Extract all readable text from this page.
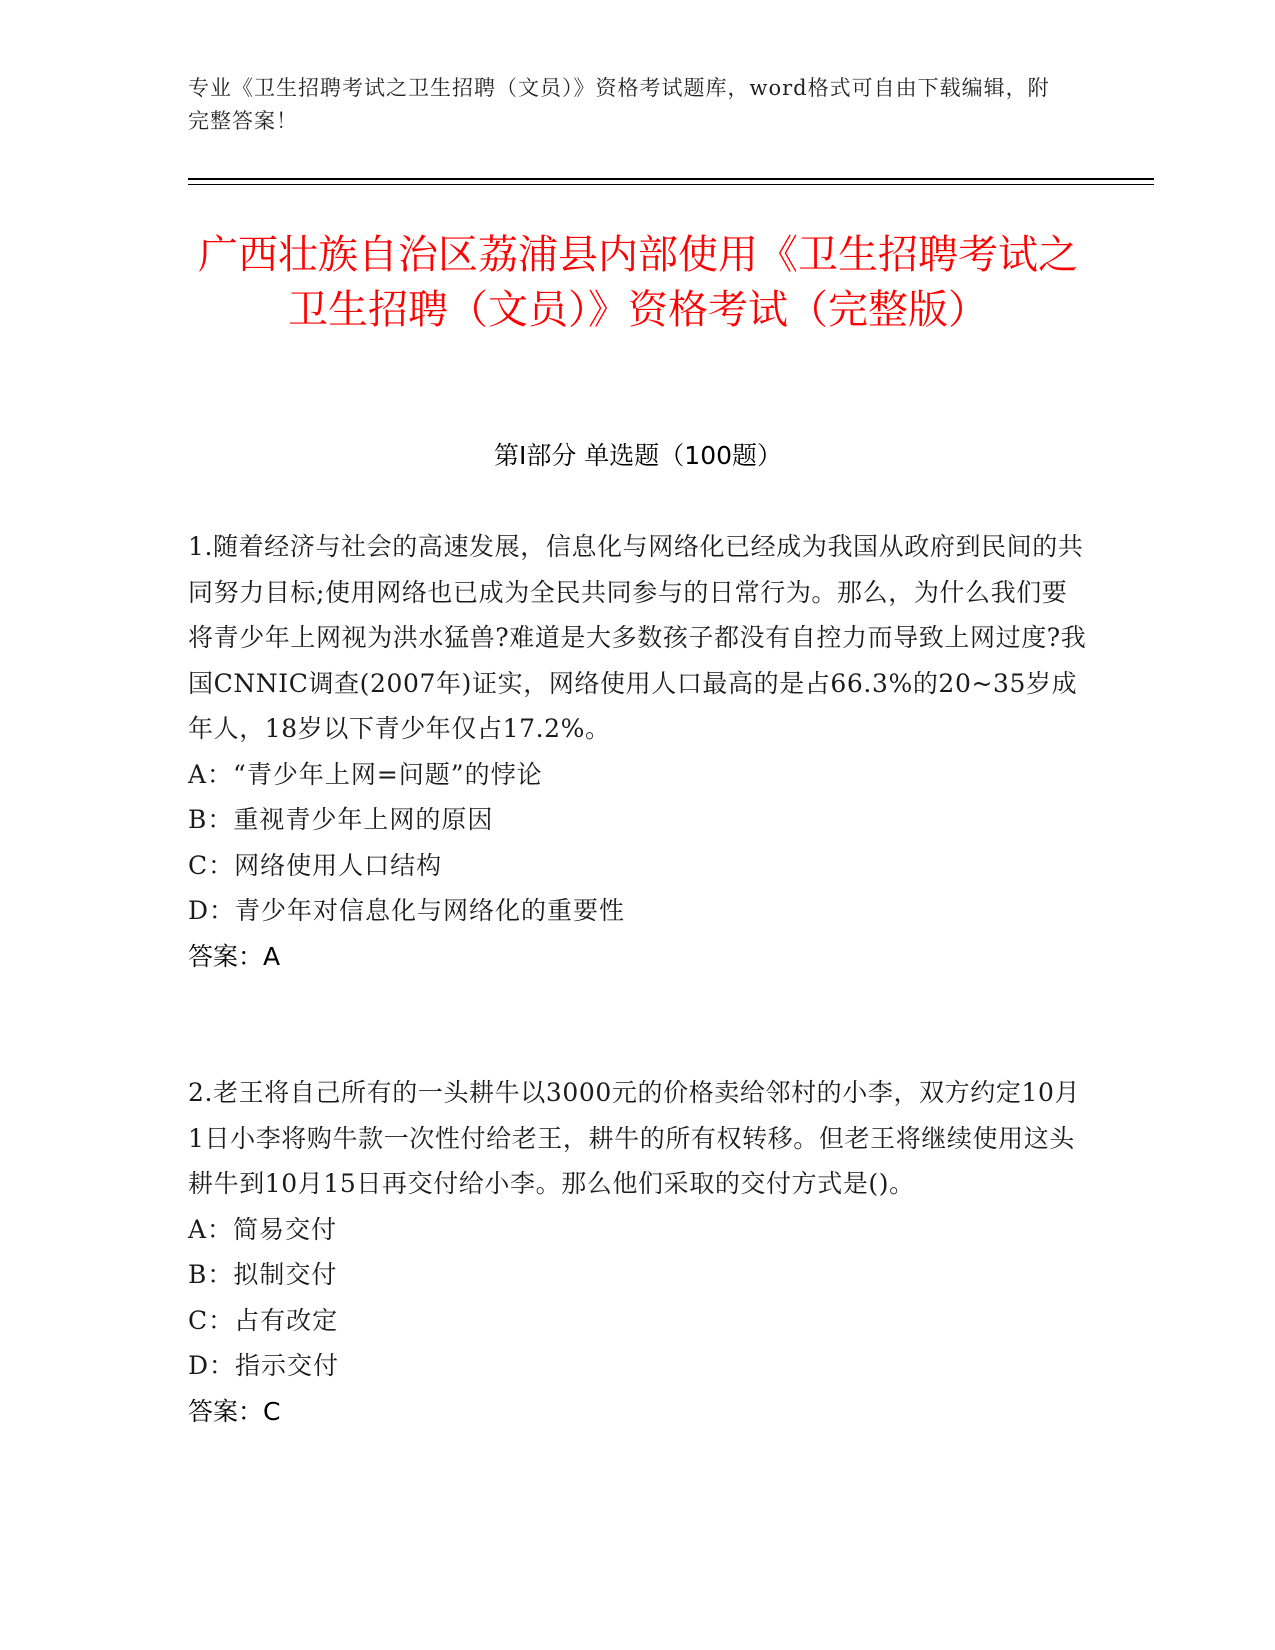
专业《卫生招聘考试之卫生招聘（文员）》资格考试题库，word格式可自由下载编辑，附完整答案！
广西壮族自治区荔浦县内部使用《卫生招聘考试之卫生招聘（文员）》资格考试（完整版）
第Ⅰ部分 单选题（100题）

1.随着经济与社会的高速发展，信息化与网络化已经成为我国从政府到民间的共同努力目标;使用网络也已成为全民共同参与的日常行为。那么，为什么我们要将青少年上网视为洪水猛兽?难道是大多数孩子都没有自控力而导致上网过度?我国CNNIC调查(2007年)证实，网络使用人口最高的是占66.3%的20~35岁成年人，18岁以下青少年仅占17.2%。

A：“青少年上网=问题”的悖论

B：重视青少年上网的原因

C：网络使用人口结构

D：青少年对信息化与网络化的重要性

答案：A

2.老王将自己所有的一头耕牛以3000元的价格卖给邻村的小李，双方约定10月1日小李将购牛款一次性付给老王，耕牛的所有权转移。但老王将继续使用这头耕牛到10月15日再交付给小李。那么他们采取的交付方式是()。

A：简易交付

B：拟制交付

C：占有改定

D：指示交付

答案：C
